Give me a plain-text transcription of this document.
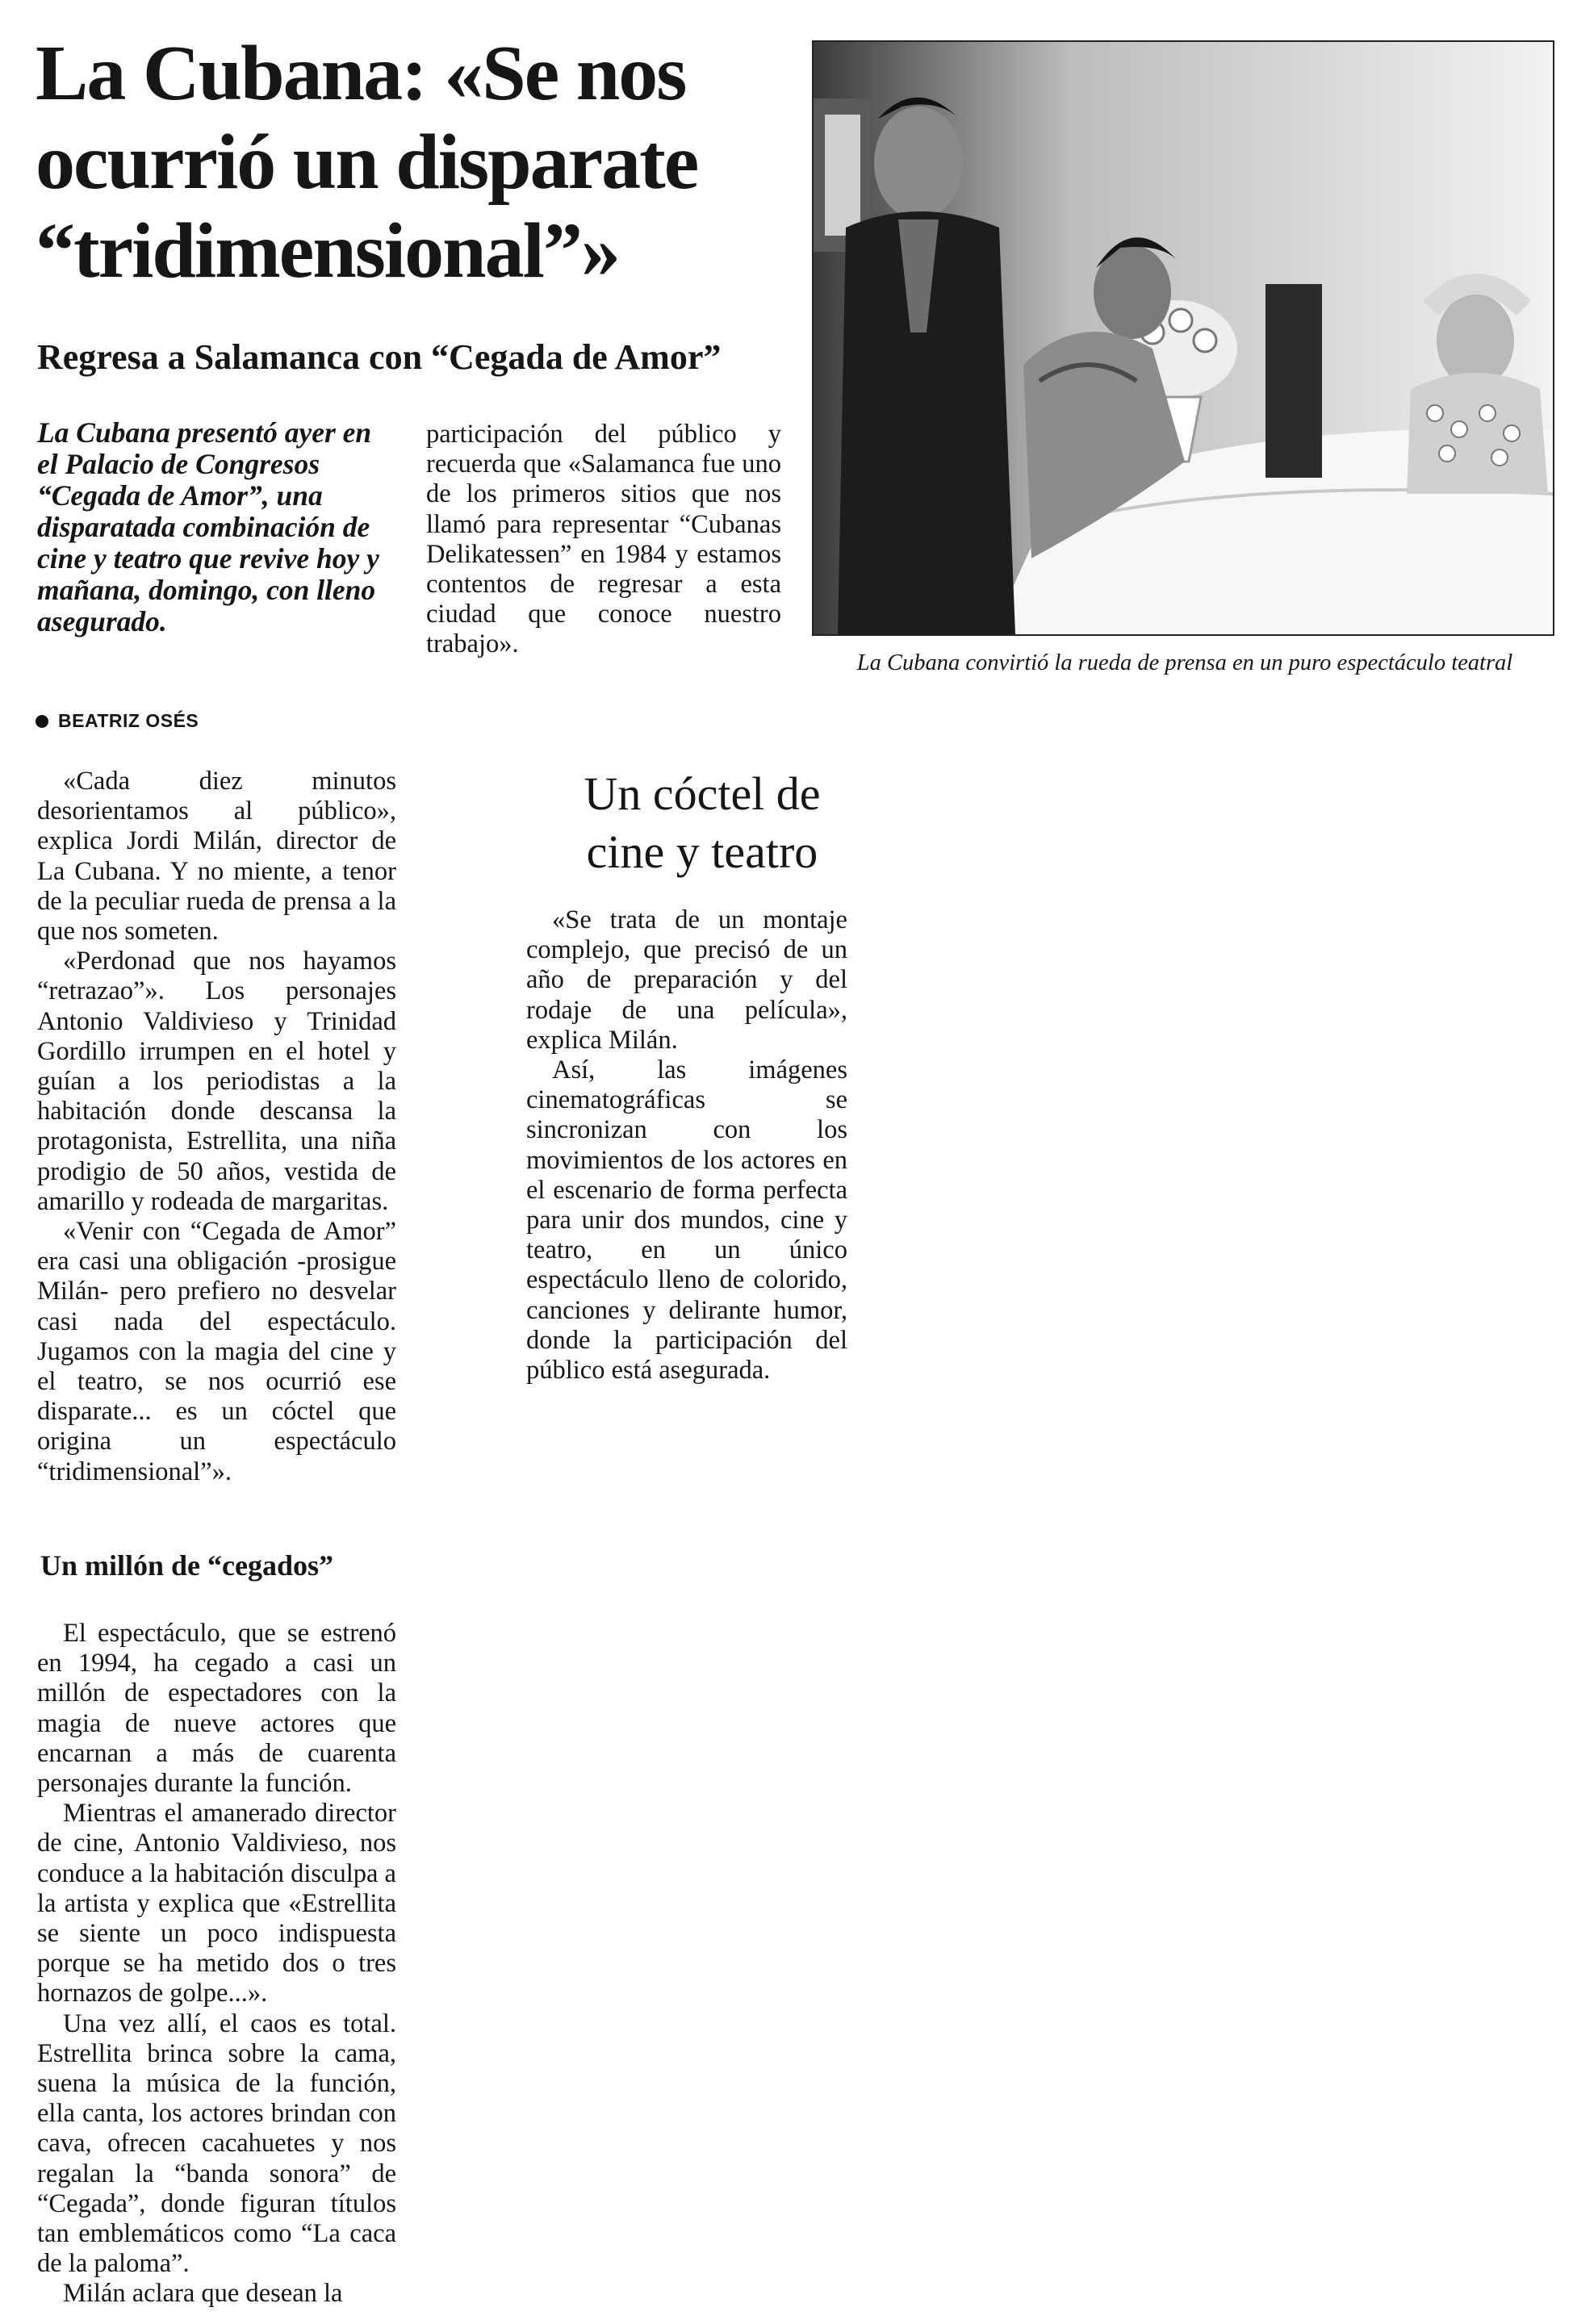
La Cubana: «Se nos
ocurrió un disparate
“tridimensional”»
Regresa a Salamanca con “Cegada de Amor”

La Cubana presentó ayer en el Palacio de Congresos “Cegada de Amor”, una disparatada combinación de cine y teatro que revive hoy y mañana, domingo, con lleno asegurado.

participación del público y recuerda que «Salamanca fue uno de los primeros sitios que nos llamó para representar “Cubanas Delikatessen” en 1984 y estamos contentos de regresar a esta ciudad que conoce nuestro trabajo».

La Cubana convirtió la rueda de prensa en un puro espectáculo teatral

BEATRIZ OSÉS

«Cada diez minutos desorientamos al público», explica Jordi Milán, director de La Cubana. Y no miente, a tenor de la peculiar rueda de prensa a la que nos someten.

«Perdonad que nos hayamos “retrazao”». Los personajes Antonio Valdivieso y Trinidad Gordillo irrumpen en el hotel y guían a los periodistas a la habitación donde descansa la protagonista, Estrellita, una niña prodigio de 50 años, vestida de amarillo y rodeada de margaritas.

«Venir con “Cegada de Amor” era casi una obligación -prosigue Milán- pero prefiero no desvelar casi nada del espectáculo. Jugamos con la magia del cine y el teatro, se nos ocurrió ese disparate... es un cóctel que origina un espectáculo “tridimensional”».

Un millón de “cegados”

El espectáculo, que se estrenó en 1994, ha cegado a casi un millón de espectadores con la magia de nueve actores que encarnan a más de cuarenta personajes durante la función.

Mientras el amanerado director de cine, Antonio Valdivieso, nos conduce a la habitación disculpa a la artista y explica que «Estrellita se siente un poco indispuesta porque se ha metido dos o tres hornazos de golpe...».

Una vez allí, el caos es total. Estrellita brinca sobre la cama, suena la música de la función, ella canta, los actores brindan con cava, ofrecen cacahuetes y nos regalan la “banda sonora” de “Cegada”, donde figuran títulos tan emblemáticos como “La caca de la paloma”.

Milán aclara que desean la

Un cóctel de
cine y teatro

«Se trata de un montaje complejo, que precisó de un año de preparación y del rodaje de una película», explica Milán.

Así, las imágenes cinematográficas se sincronizan con los movimientos de los actores en el escenario de forma perfecta para unir dos mundos, cine y teatro, en un único espectáculo lleno de colorido, canciones y delirante humor, donde la participación del público está asegurada.
